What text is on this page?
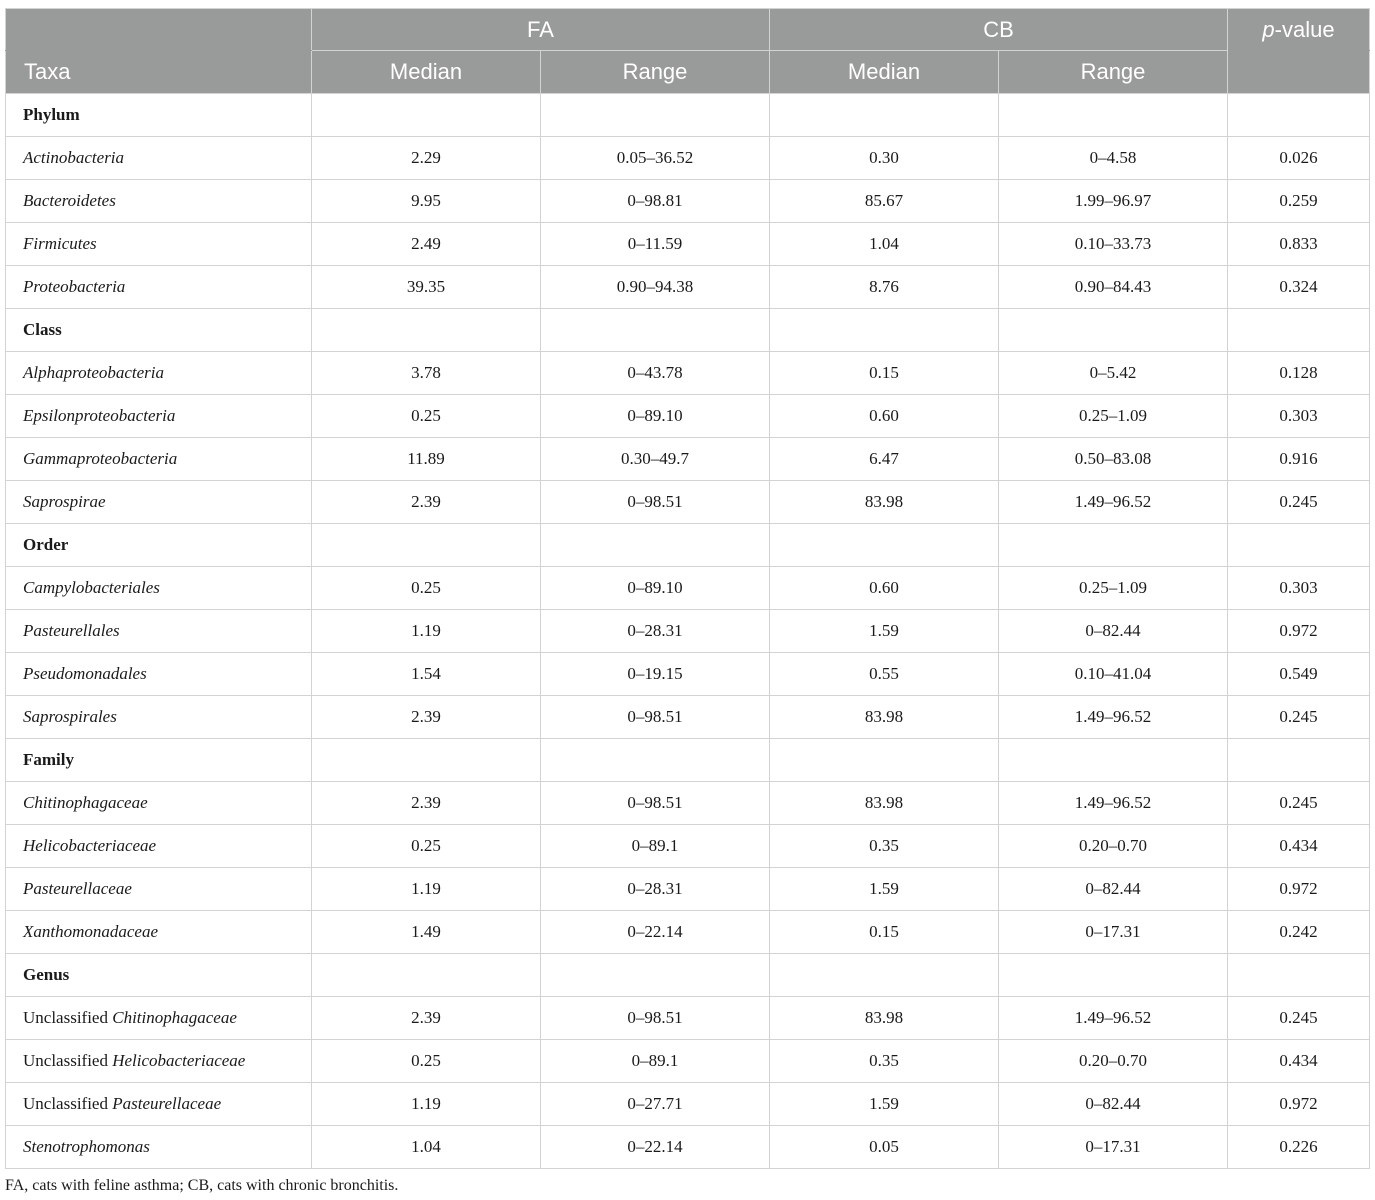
	FA		CB		p-value
Taxa	Median	Range	Median	Range	
Phylum					
Actinobacteria	2.29	0.05–36.52	0.30	0–4.58	0.026
Bacteroidetes	9.95	0–98.81	85.67	1.99–96.97	0.259
Firmicutes	2.49	0–11.59	1.04	0.10–33.73	0.833
Proteobacteria	39.35	0.90–94.38	8.76	0.90–84.43	0.324
Class					
Alphaproteobacteria	3.78	0–43.78	0.15	0–5.42	0.128
Epsilonproteobacteria	0.25	0–89.10	0.60	0.25–1.09	0.303
Gammaproteobacteria	11.89	0.30–49.7	6.47	0.50–83.08	0.916
Saprospirae	2.39	0–98.51	83.98	1.49–96.52	0.245
Order					
Campylobacteriales	0.25	0–89.10	0.60	0.25–1.09	0.303
Pasteurellales	1.19	0–28.31	1.59	0–82.44	0.972
Pseudomonadales	1.54	0–19.15	0.55	0.10–41.04	0.549
Saprospirales	2.39	0–98.51	83.98	1.49–96.52	0.245
Family					
Chitinophagaceae	2.39	0–98.51	83.98	1.49–96.52	0.245
Helicobacteriaceae	0.25	0–89.1	0.35	0.20–0.70	0.434
Pasteurellaceae	1.19	0–28.31	1.59	0–82.44	0.972
Xanthomonadaceae	1.49	0–22.14	0.15	0–17.31	0.242
Genus					
Unclassified Chitinophagaceae	2.39	0–98.51	83.98	1.49–96.52	0.245
Unclassified Helicobacteriaceae	0.25	0–89.1	0.35	0.20–0.70	0.434
Unclassified Pasteurellaceae	1.19	0–27.71	1.59	0–82.44	0.972
Stenotrophomonas	1.04	0–22.14	0.05	0–17.31	0.226
FA, cats with feline asthma; CB, cats with chronic bronchitis.
